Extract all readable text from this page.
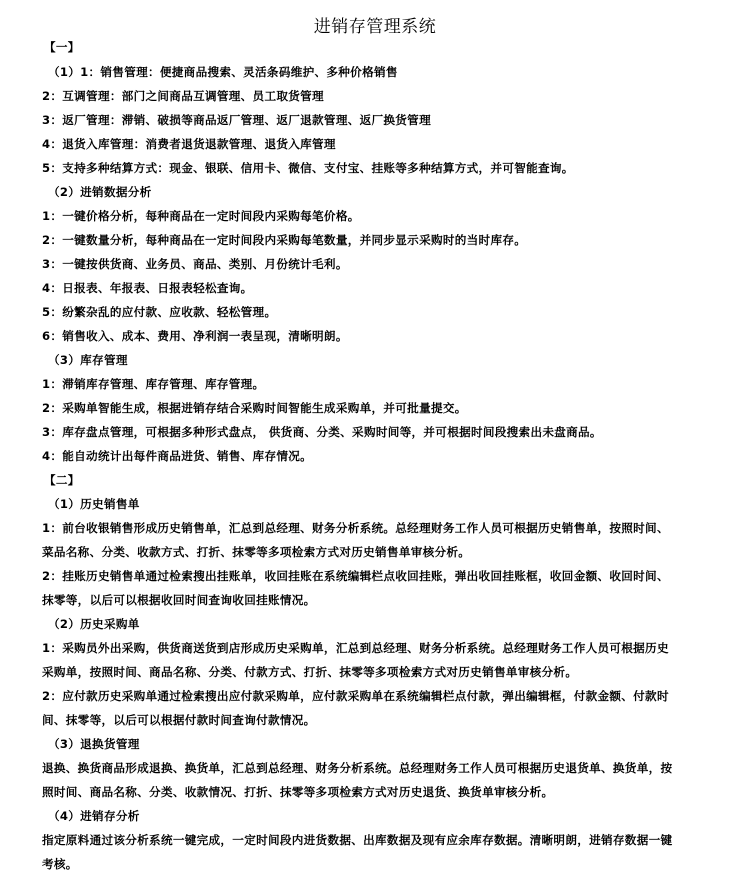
进销存管理系统
【一】
（1）1：销售管理：便捷商品搜索、灵活条码维护、多种价格销售
2：互调管理：部门之间商品互调管理、员工取货管理
3：返厂管理：滞销、破损等商品返厂管理、返厂退款管理、返厂换货管理
4：退货入库管理：消费者退货退款管理、退货入库管理
5：支持多种结算方式：现金、银联、信用卡、微信、支付宝、挂账等多种结算方式，并可智能查询。
（2）进销数据分析
1：一键价格分析，每种商品在一定时间段内采购每笔价格。
2：一键数量分析，每种商品在一定时间段内采购每笔数量，并同步显示采购时的当时库存。
3：一键按供货商、业务员、商品、类别、月份统计毛利。
4：日报表、年报表、日报表轻松查询。
5：纷繁杂乱的应付款、应收款、轻松管理。
6：销售收入、成本、费用、净利润一表呈现，清晰明朗。
（3）库存管理
1：滞销库存管理、库存管理、库存管理。
2：采购单智能生成，根据进销存结合采购时间智能生成采购单，并可批量提交。
3：库存盘点管理，可根据多种形式盘点， 供货商、分类、采购时间等，并可根据时间段搜索出未盘商品。
4：能自动统计出每件商品进货、销售、库存情况。
【二】
（1）历史销售单
1：前台收银销售形成历史销售单，汇总到总经理、财务分析系统。总经理财务工作人员可根据历史销售单，按照时间、
菜品名称、分类、收款方式、打折、抹零等多项检索方式对历史销售单审核分析。
2：挂账历史销售单通过检索搜出挂账单，收回挂账在系统编辑栏点收回挂账，弹出收回挂账框，收回金额、收回时间、
抹零等，以后可以根据收回时间查询收回挂账情况。
（2）历史采购单
1：采购员外出采购，供货商送货到店形成历史采购单，汇总到总经理、财务分析系统。总经理财务工作人员可根据历史
采购单，按照时间、商品名称、分类、付款方式、打折、抹零等多项检索方式对历史销售单审核分析。
2：应付款历史采购单通过检索搜出应付款采购单，应付款采购单在系统编辑栏点付款，弹出编辑框，付款金额、付款时
间、抹零等，以后可以根据付款时间查询付款情况。
（3）退换货管理
退换、换货商品形成退换、换货单，汇总到总经理、财务分析系统。总经理财务工作人员可根据历史退货单、换货单，按
照时间、商品名称、分类、收款情况、打折、抹零等多项检索方式对历史退货、换货单审核分析。
（4）进销存分析
指定原料通过该分析系统一键完成，一定时间段内进货数据、出库数据及现有应余库存数据。清晰明朗，进销存数据一键
考核。
